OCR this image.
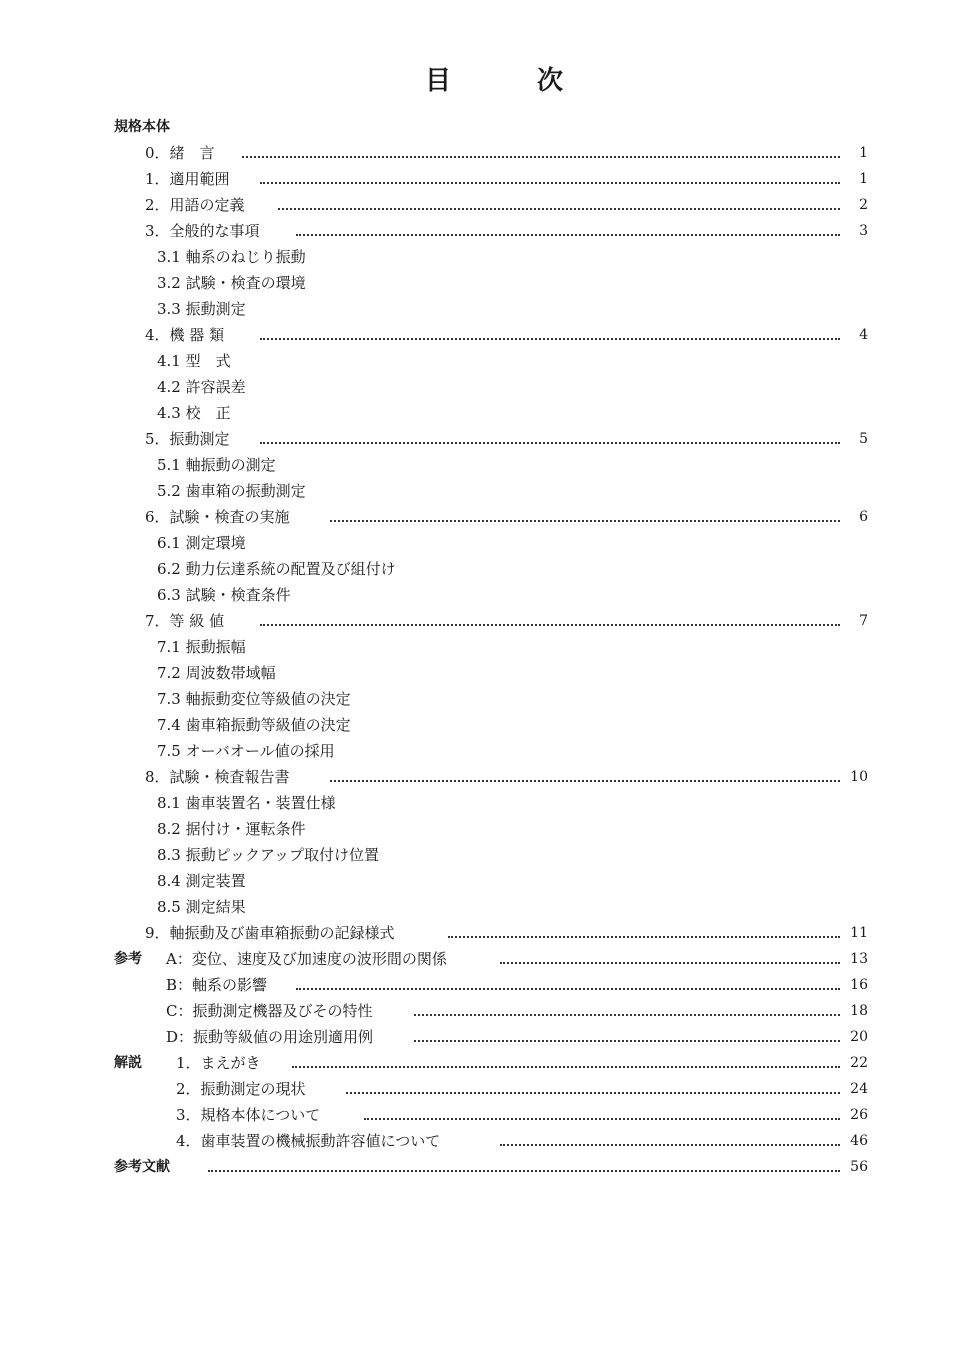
目	次
規格本体
0．緒　言	1
1．適用範囲	1
2．用語の定義	2
3．全般的な事項	3
3.1 軸系のねじり振動
3.2 試験・検査の環境
3.3 振動測定
4．機 器 類	4
4.1 型　式
4.2 許容誤差
4.3 校　正
5．振動測定	5
5.1 軸振動の測定
5.2 歯車箱の振動測定
6．試験・検査の実施	6
6.1 測定環境
6.2 動力伝達系統の配置及び組付け
6.3 試験・検査条件
7．等 級 値	7
7.1 振動振幅
7.2 周波数帯域幅
7.3 軸振動変位等級値の決定
7.4 歯車箱振動等級値の決定
7.5 オーバオール値の採用
8．試験・検査報告書	10
8.1 歯車装置名・装置仕様
8.2 据付け・運転条件
8.3 振動ピックアップ取付け位置
8.4 測定装置
8.5 測定結果
9．軸振動及び歯車箱振動の記録様式	11
参考 A：変位、速度及び加速度の波形間の関係	13
B：軸系の影響	16
C：振動測定機器及びその特性	18
D：振動等級値の用途別適用例	20
解説 1．まえがき	22
2．振動測定の現状	24
3．規格本体について	26
4．歯車装置の機械振動許容値について	46
参考文献	56
